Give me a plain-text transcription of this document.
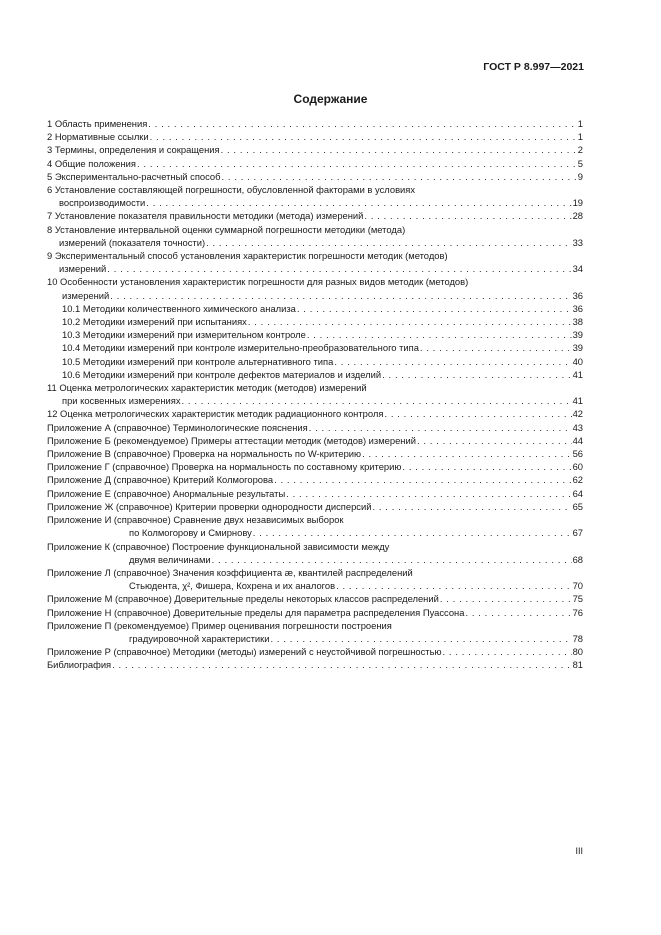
ГОСТ Р 8.997—2021
Содержание
1 Область применения . . .	1
2 Нормативные ссылки . . .	1
3 Термины, определения и сокращения . . .	2
4 Общие положения . . .	5
5 Экспериментально-расчетный способ . . .	9
6 Установление составляющей погрешности, обусловленной факторами в условиях
воспроизводимости . . .	19
7 Установление показателя правильности методики (метода) измерений . . .	28
8 Установление интервальной оценки суммарной погрешности методики (метода)
измерений (показателя точности) . . .	33
9 Экспериментальный способ установления характеристик погрешности методик (методов)
измерений . . .	34
10 Особенности установления характеристик погрешности для разных видов методик (методов)
измерений . . .	36
10.1 Методики количественного химического анализа . . .	36
10.2 Методики измерений при испытаниях . . .	38
10.3 Методики измерений при измерительном контроле . . .	39
10.4 Методики измерений при контроле измерительно-преобразовательного типа . . .	39
10.5 Методики измерений при контроле альтернативного типа . . .	40
10.6 Методики измерений при контроле дефектов материалов и изделий . . .	41
11 Оценка метрологических характеристик методик (методов) измерений
при косвенных измерениях . . .	41
12 Оценка метрологических характеристик методик радиационного контроля . . .	42
Приложение А (справочное) Терминологические пояснения . . .	43
Приложение Б (рекомендуемое) Примеры аттестации методик (методов) измерений . . .	44
Приложение В (справочное) Проверка на нормальность по W-критерию . . .	56
Приложение Г (справочное) Проверка на нормальность по составному критерию . . .	60
Приложение Д (справочное) Критерий Колмогорова . . .	62
Приложение Е (справочное) Анормальные результаты . . .	64
Приложение Ж (справочное) Критерии проверки однородности дисперсий . . .	65
Приложение И (справочное) Сравнение двух независимых выборок
по Колмогорову и Смирнову . . .	67
Приложение К (справочное) Построение функциональной зависимости между
двумя величинами . . .	68
Приложение Л (справочное) Значения коэффициента æ, квантилей распределений
Стьюдента, χ², Фишера, Кохрена и их аналогов . . .	70
Приложение М (справочное) Доверительные пределы некоторых классов распределений . . .	75
Приложение Н (справочное) Доверительные пределы для параметра распределения Пуассона . . .	76
Приложение П (рекомендуемое) Пример оценивания погрешности построения
градуировочной характеристики . . .	78
Приложение Р (справочное) Методики (методы) измерений с неустойчивой погрешностью . . .	80
Библиография . . .	81
III
